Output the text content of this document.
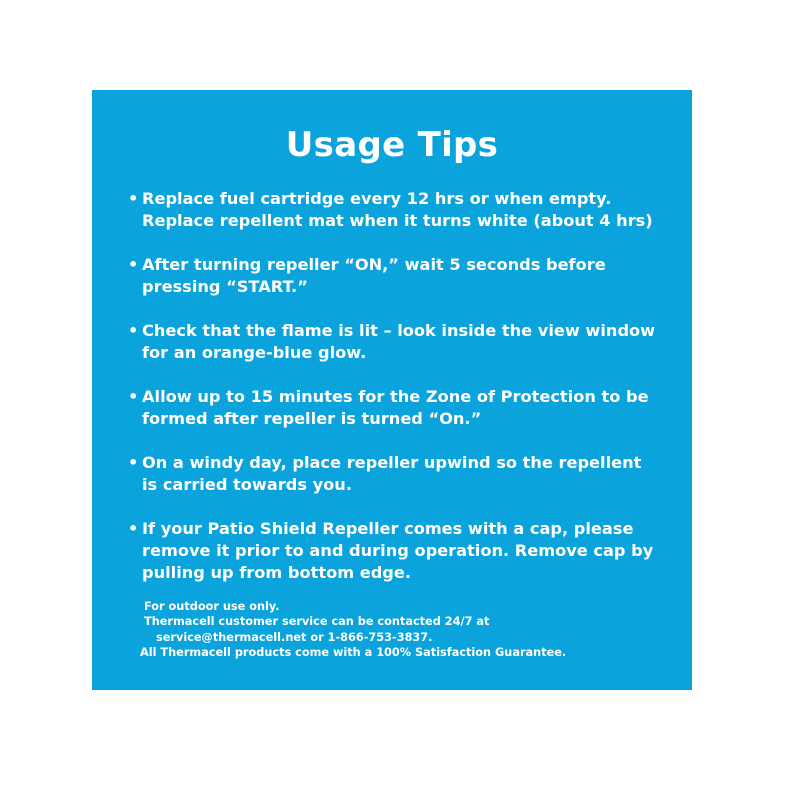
Usage Tips
• Replace fuel cartridge every 12 hrs or when empty.
Replace repellent mat when it turns white (about 4 hrs)
• After turning repeller “ON,” wait 5 seconds before
pressing “START.”
• Check that the flame is lit – look inside the view window
for an orange-blue glow.
• Allow up to 15 minutes for the Zone of Protection to be
formed after repeller is turned “On.”
• On a windy day, place repeller upwind so the repellent
is carried towards you.
• If your Patio Shield Repeller comes with a cap, please
remove it prior to and during operation. Remove cap by
pulling up from bottom edge.
For outdoor use only.
Thermacell customer service can be contacted 24/7 at
service@thermacell.net or 1-866-753-3837.
All Thermacell products come with a 100% Satisfaction Guarantee.
